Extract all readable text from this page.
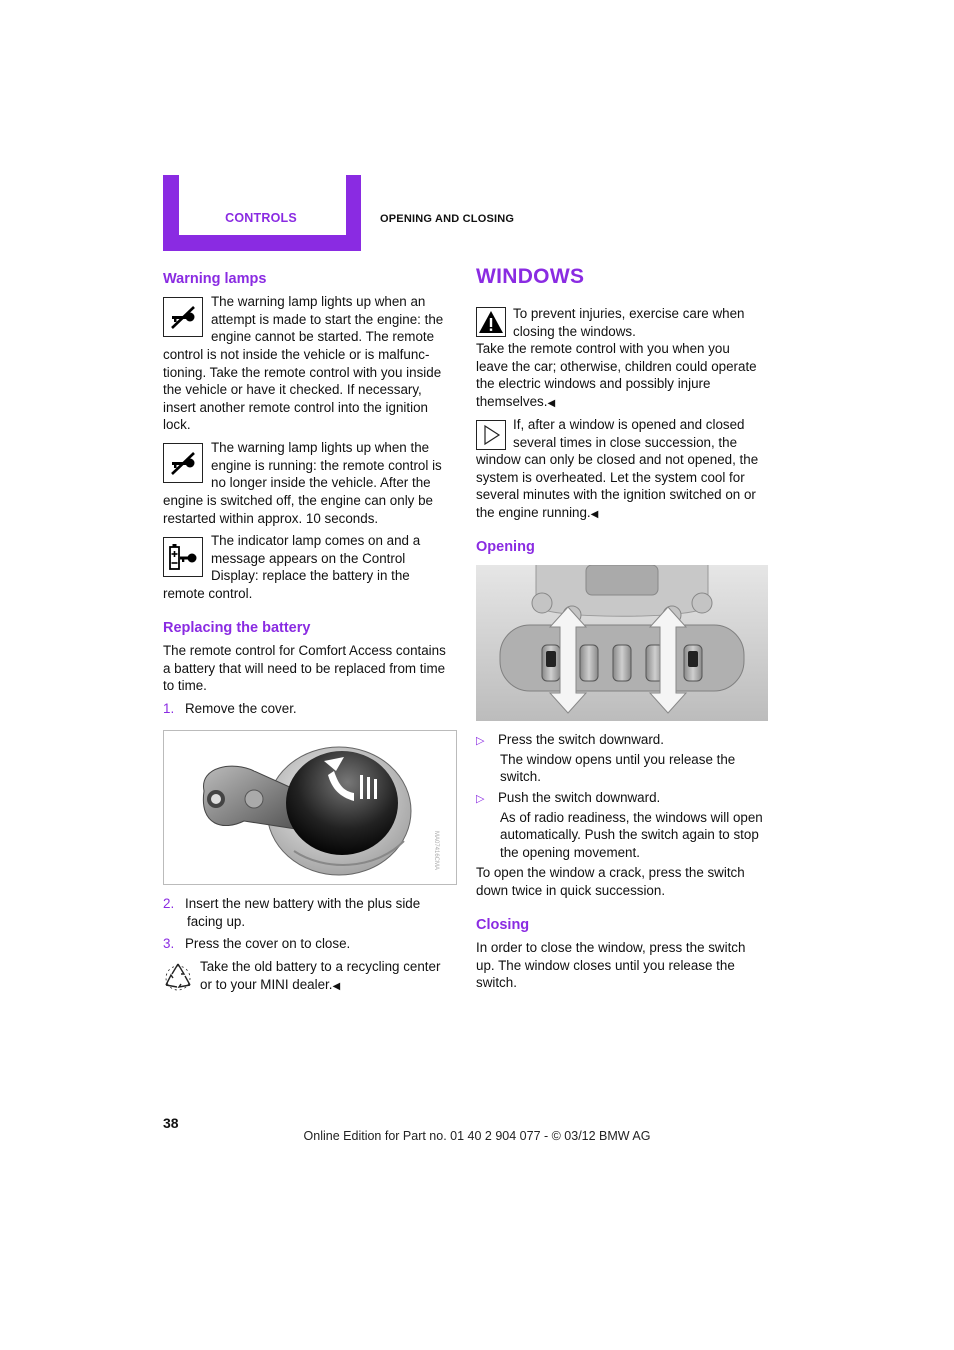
CONTROLS	OPENING AND CLOSING
Warning lamps

The warning lamp lights up when an

attempt is made to start the engine: the

engine cannot be started. The remote

control is not inside the vehicle or is malfunc-

tioning. Take the remote control with you inside

the vehicle or have it checked. If necessary,

insert another remote control into the ignition

lock.

The warning lamp lights up when the

engine is running: the remote control is

no longer inside the vehicle. After the

engine is switched off, the engine can only be

restarted within approx. 10 seconds.

The indicator lamp comes on and a

message appears on the Control

Display: replace the battery in the

remote control.

Replacing the battery

The remote control for Comfort Access contains

a battery that will need to be replaced from time

to time.

1. Remove the cover.
MA07416CMA

2. Insert the new battery with the plus side

facing up.

3. Press the cover on to close.

Take the old battery to a recycling center

or to your MINI dealer.◀

WINDOWS

To prevent injuries, exercise care when

closing the windows.

Take the remote control with you when you

leave the car; otherwise, children could operate

the electric windows and possibly injure

themselves.◀

If, after a window is opened and closed

several times in close succession, the

window can only be closed and not opened, the

system is overheated. Let the system cool for

several minutes with the ignition switched on or

the engine running.◀

Opening

▷ Press the switch downward.

The window opens until you release the

switch.

▷ Push the switch downward.

As of radio readiness, the windows will open

automatically. Push the switch again to stop

the opening movement.

To open the window a crack, press the switch

down twice in quick succession.

Closing

In order to close the window, press the switch

up. The window closes until you release the

switch.

38
Online Edition for Part no. 01 40 2 904 077 - © 03/12 BMW AG
